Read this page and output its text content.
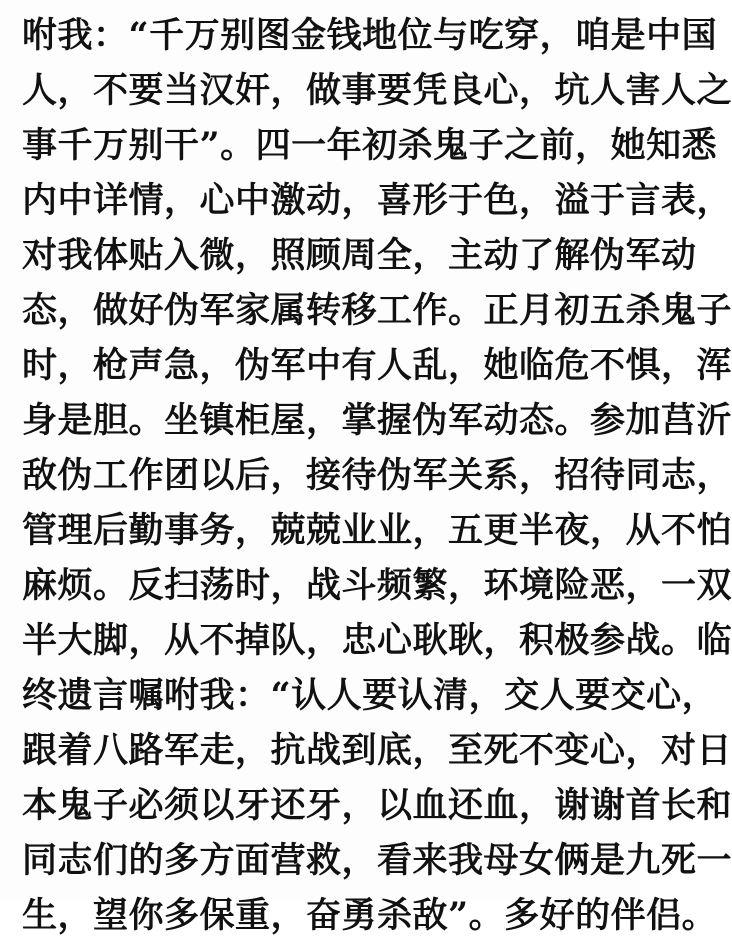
咐我：“千万别图金钱地位与吃穿，咱是中国
人，不要当汉奸，做事要凭良心，坑人害人之
事千万别干”。四一年初杀鬼子之前，她知悉
内中详情，心中激动，喜形于色，溢于言表，
对我体贴入微，照顾周全，主动了解伪军动
态，做好伪军家属转移工作。正月初五杀鬼子
时，枪声急，伪军中有人乱，她临危不惧，浑
身是胆。坐镇柜屋，掌握伪军动态。参加莒沂
敌伪工作团以后，接待伪军关系，招待同志，
管理后勤事务，兢兢业业，五更半夜，从不怕
麻烦。反扫荡时，战斗频繁，环境险恶，一双
半大脚，从不掉队，忠心耿耿，积极参战。临
终遗言嘱咐我：“认人要认清，交人要交心，
跟着八路军走，抗战到底，至死不变心，对日
本鬼子必须以牙还牙，以血还血，谢谢首长和
同志们的多方面营救，看来我母女俩是九死一
生，望你多保重，奋勇杀敌”。多好的伴侣。
